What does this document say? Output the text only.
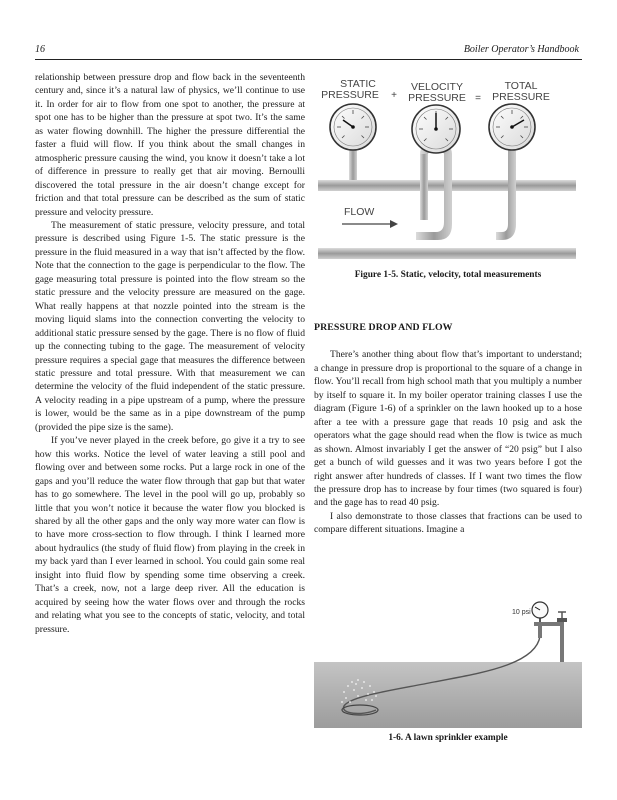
16	Boiler Operator’s Handbook

relationship between pressure drop and flow back in the seventeenth century and, since it’s a natural law of physics, we’ll continue to use it. In order for air to flow from one spot to another, the pressure at spot one has to be higher than the pressure at spot two. It’s the same as water flowing downhill. The higher the pressure differential the faster a fluid will flow. If you think about the small changes in atmospheric pressure causing the wind, you know it doesn’t take a lot of difference in pressure to really get that air moving. Bernoulli discovered the total pressure in the air doesn’t change except for friction and that total pressure can be described as the sum of static pressure and velocity pressure.

The measurement of static pressure, velocity pressure, and total pressure is described using Figure 1-5. The static pressure is the pressure in the fluid measured in a way that isn’t affected by the flow. Note that the connection to the gage is perpendicular to the flow. The gage measuring total pressure is pointed into the flow stream so the static pressure and the velocity pressure are measured on the gage. What really happens at that nozzle pointed into the stream is the moving liquid slams into the connection converting the velocity to additional static pressure sensed by the gage. There is no flow of fluid up the connecting tubing to the gage. The measurement of velocity pressure requires a special gage that measures the difference between static pressure and total pressure. With that measurement we can determine the velocity of the fluid independent of the static pressure. A velocity reading in a pipe upstream of a pump, where the pressure is lower, would be the same as in a pipe downstream of the pump (provided the pipe size is the same).

If you’ve never played in the creek before, go give it a try to see how this works. Notice the level of water leaving a still pool and flowing over and between some rocks. Put a large rock in one of the gaps and you’ll reduce the water flow through that gap but that water has to go somewhere. The level in the pool will go up, probably so little that you won’t notice it because the water flow you blocked is shared by all the other gaps and the only way more water can flow is to have more cross-section to flow through. I think I learned more about hydraulics (the study of fluid flow) from playing in the creek in my back yard than I ever learned in school. You could gain some real insight into fluid flow by spending some time observing a creek. That’s a creek, now, not a large deep river. All the education is acquired by seeing how the water flows over and through the rocks and relating what you see to the concepts of static, velocity, and total pressure.

STATIC
PRESSURE +
VELOCITY
PRESSURE =
TOTAL
PRESSURE
FLOW
Figure 1-5. Static, velocity, total measurements

PRESSURE DROP AND FLOW

There’s another thing about flow that’s important to understand; a change in pressure drop is proportional to the square of a change in flow. You’ll recall from high school math that you multiply a number by itself to square it. In my boiler operator training classes I use the diagram (Figure 1-6) of a sprinkler on the lawn hooked up to a hose after a tee with a pressure gage that reads 10 psig and ask the operators what the gage should read when the flow is twice as much as shown. Almost invariably I get the answer of “20 psig” but I also get a bunch of wild guesses and it was two years before I got the right answer after hundreds of classes. If I want two times the flow the pressure drop has to increase by four times (two squared is four) and the gage has to read 40 psig.

I also demonstrate to those classes that fractions can be used to compare different situations. Imagine a

10 psi
1-6. A lawn sprinkler example
